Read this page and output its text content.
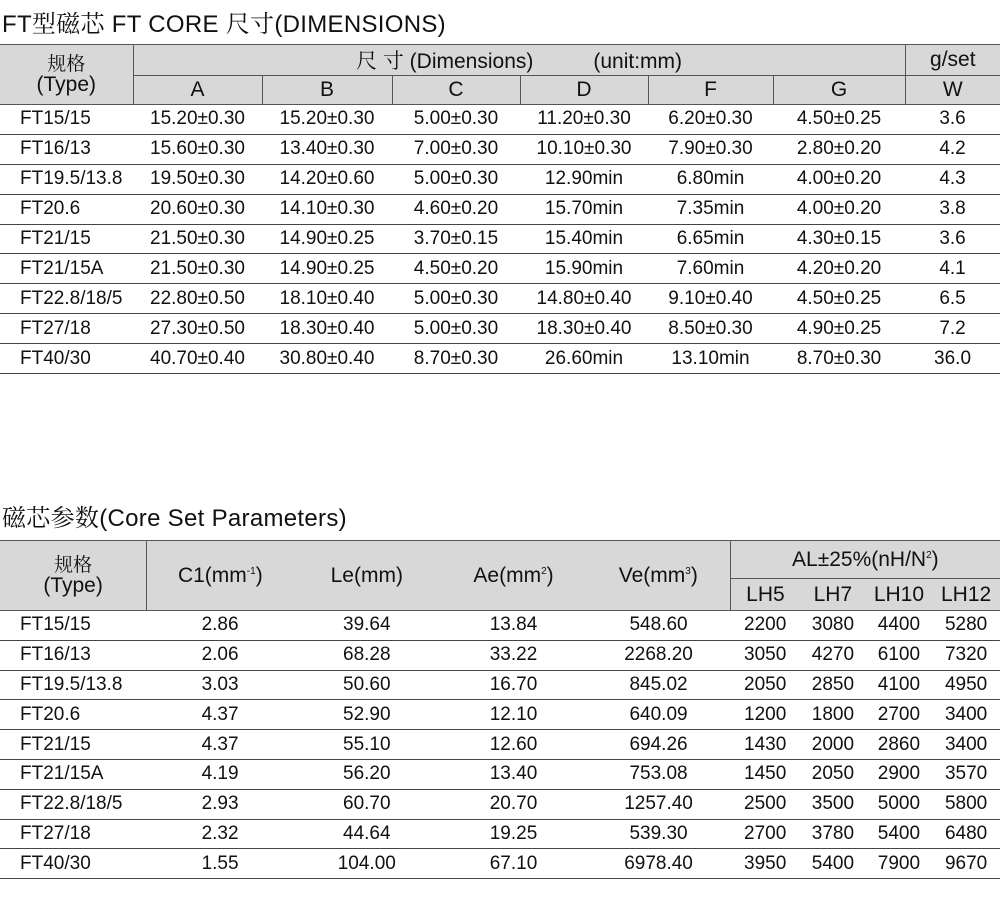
FT型磁芯 FT CORE 尺寸(DIMENSIONS)
规格
(Type)	尺 寸 (Dimensions) (unit:mm)						g/set
	A	B	C	D	F	G	W
FT15/15	15.20±0.30	15.20±0.30	5.00±0.30	11.20±0.30	6.20±0.30	4.50±0.25	3.6
FT16/13	15.60±0.30	13.40±0.30	7.00±0.30	10.10±0.30	7.90±0.30	2.80±0.20	4.2
FT19.5/13.8	19.50±0.30	14.20±0.60	5.00±0.30	12.90min	6.80min	4.00±0.20	4.3
FT20.6	20.60±0.30	14.10±0.30	4.60±0.20	15.70min	7.35min	4.00±0.20	3.8
FT21/15	21.50±0.30	14.90±0.25	3.70±0.15	15.40min	6.65min	4.30±0.15	3.6
FT21/15A	21.50±0.30	14.90±0.25	4.50±0.20	15.90min	7.60min	4.20±0.20	4.1
FT22.8/18/5	22.80±0.50	18.10±0.40	5.00±0.30	14.80±0.40	9.10±0.40	4.50±0.25	6.5
FT27/18	27.30±0.50	18.30±0.40	5.00±0.30	18.30±0.40	8.50±0.30	4.90±0.25	7.2
FT40/30	40.70±0.40	30.80±0.40	8.70±0.30	26.60min	13.10min	8.70±0.30	36.0
磁芯参数(Core Set Parameters)
规格
(Type)	$C1(mm^{-1})$	Le(mm)	$Ae(mm^2)$	$Ve(mm^3)$	$AL\pm 25\%(nH/N^2)$			
					LH5	LH7	LH10	LH12
FT15/15	2.86	39.64	13.84	548.60	2200	3080	4400	5280
FT16/13	2.06	68.28	33.22	2268.20	3050	4270	6100	7320
FT19.5/13.8	3.03	50.60	16.70	845.02	2050	2850	4100	4950
FT20.6	4.37	52.90	12.10	640.09	1200	1800	2700	3400
FT21/15	4.37	55.10	12.60	694.26	1430	2000	2860	3400
FT21/15A	4.19	56.20	13.40	753.08	1450	2050	2900	3570
FT22.8/18/5	2.93	60.70	20.70	1257.40	2500	3500	5000	5800
FT27/18	2.32	44.64	19.25	539.30	2700	3780	5400	6480
FT40/30	1.55	104.00	67.10	6978.40	3950	5400	7900	9670
